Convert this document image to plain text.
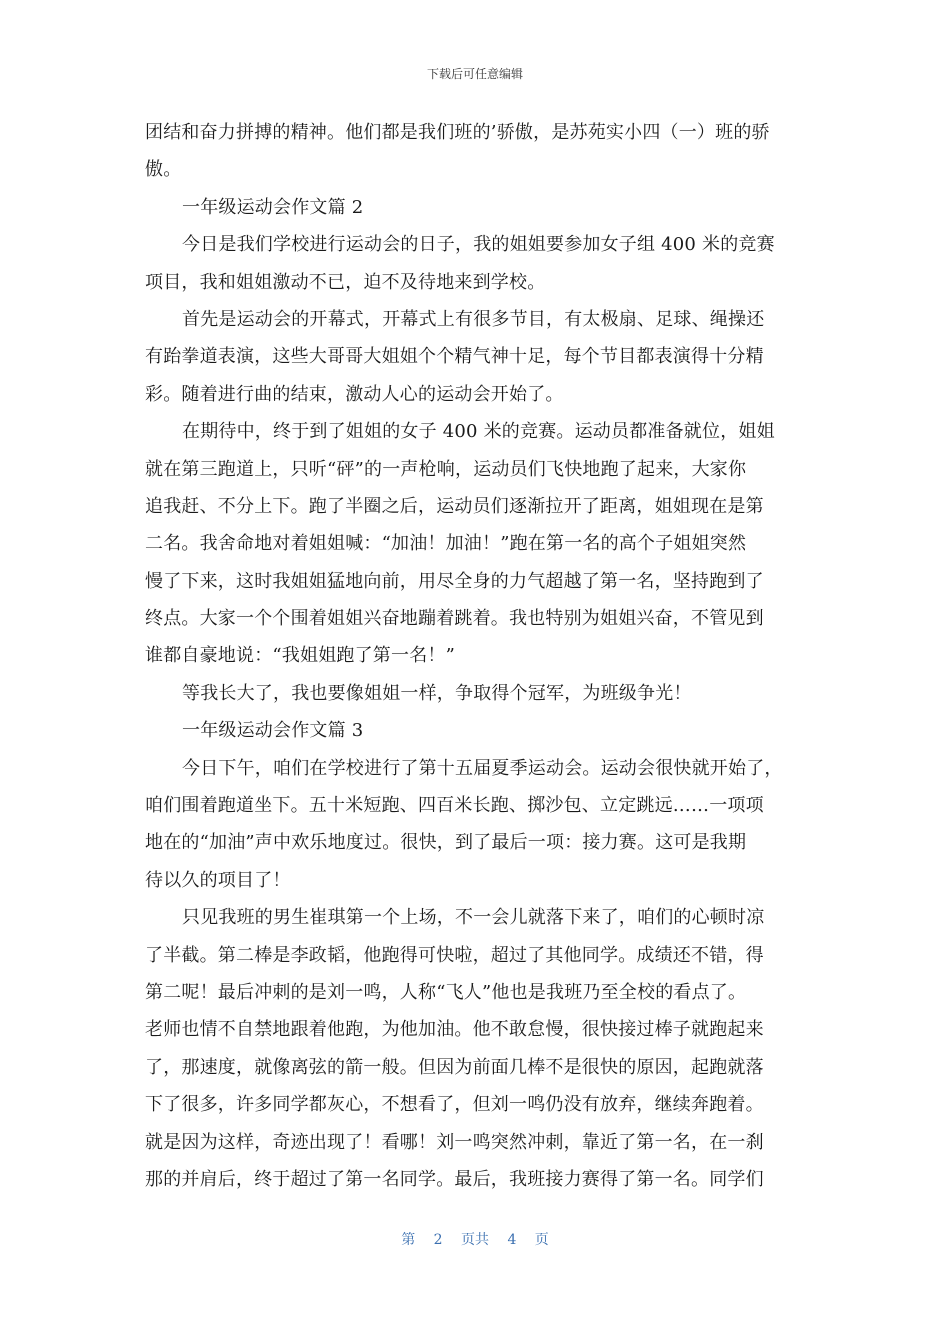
下载后可任意编辑
团结和奋力拼搏的精神。他们都是我们班的’骄傲，是苏苑实小四（一）班的骄
傲。
一年级运动会作文篇 2
今日是我们学校进行运动会的日子，我的姐姐要参加女子组 400 米的竞赛
项目，我和姐姐激动不已，迫不及待地来到学校。
首先是运动会的开幕式，开幕式上有很多节目，有太极扇、足球、绳操还
有跆拳道表演，这些大哥哥大姐姐个个精气神十足，每个节目都表演得十分精
彩。随着进行曲的结束，激动人心的运动会开始了。
在期待中，终于到了姐姐的女子 400 米的竞赛。运动员都准备就位，姐姐
就在第三跑道上，只听“砰”的一声枪响，运动员们飞快地跑了起来，大家你
追我赶、不分上下。跑了半圈之后，运动员们逐渐拉开了距离，姐姐现在是第
二名。我舍命地对着姐姐喊：“加油！加油！”跑在第一名的高个子姐姐突然
慢了下来，这时我姐姐猛地向前，用尽全身的力气超越了第一名，坚持跑到了
终点。大家一个个围着姐姐兴奋地蹦着跳着。我也特别为姐姐兴奋，不管见到
谁都自豪地说：“我姐姐跑了第一名！”
等我长大了，我也要像姐姐一样，争取得个冠军，为班级争光！
一年级运动会作文篇 3
今日下午，咱们在学校进行了第十五届夏季运动会。运动会很快就开始了，
咱们围着跑道坐下。五十米短跑、四百米长跑、掷沙包、立定跳远……一项项
地在的“加油”声中欢乐地度过。很快，到了最后一项：接力赛。这可是我期
待以久的项目了！
只见我班的男生崔琪第一个上场，不一会儿就落下来了，咱们的心顿时凉
了半截。第二棒是李政韬，他跑得可快啦，超过了其他同学。成绩还不错，得
第二呢！最后冲刺的是刘一鸣，人称“飞人”他也是我班乃至全校的看点了。
老师也情不自禁地跟着他跑，为他加油。他不敢怠慢，很快接过棒子就跑起来
了，那速度，就像离弦的箭一般。但因为前面几棒不是很快的原因，起跑就落
下了很多，许多同学都灰心，不想看了，但刘一鸣仍没有放弃，继续奔跑着。
就是因为这样，奇迹出现了！看哪！刘一鸣突然冲刺，靠近了第一名，在一刹
那的并肩后，终于超过了第一名同学。最后，我班接力赛得了第一名。同学们
第 2 页共 4 页
